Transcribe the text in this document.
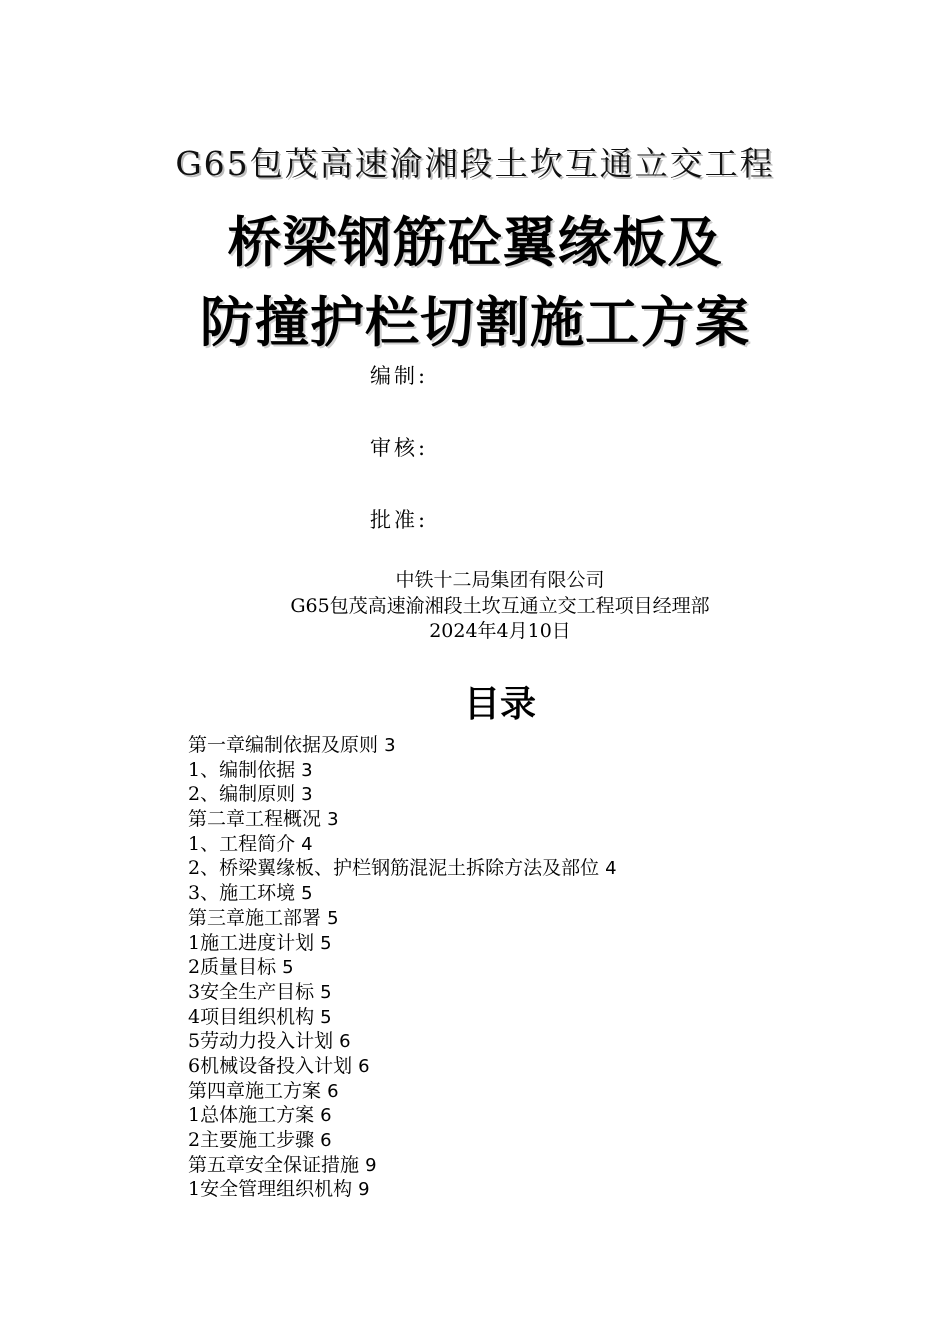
G65包茂高速渝湘段土坎互通立交工程
桥梁钢筋砼翼缘板及
防撞护栏切割施工方案
编制:
审核:
批准:
中铁十二局集团有限公司
G65包茂高速渝湘段土坎互通立交工程项目经理部
2024年4月10日
目录
第一章编制依据及原则 3
1、编制依据 3
2、编制原则 3
第二章工程概况 3
1、工程简介 4
2、桥梁翼缘板、护栏钢筋混泥土拆除方法及部位 4
3、施工环境 5
第三章施工部署 5
1施工进度计划 5
2质量目标 5
3安全生产目标 5
4项目组织机构 5
5劳动力投入计划 6
6机械设备投入计划 6
第四章施工方案 6
1总体施工方案 6
2主要施工步骤 6
第五章安全保证措施 9
1安全管理组织机构 9
